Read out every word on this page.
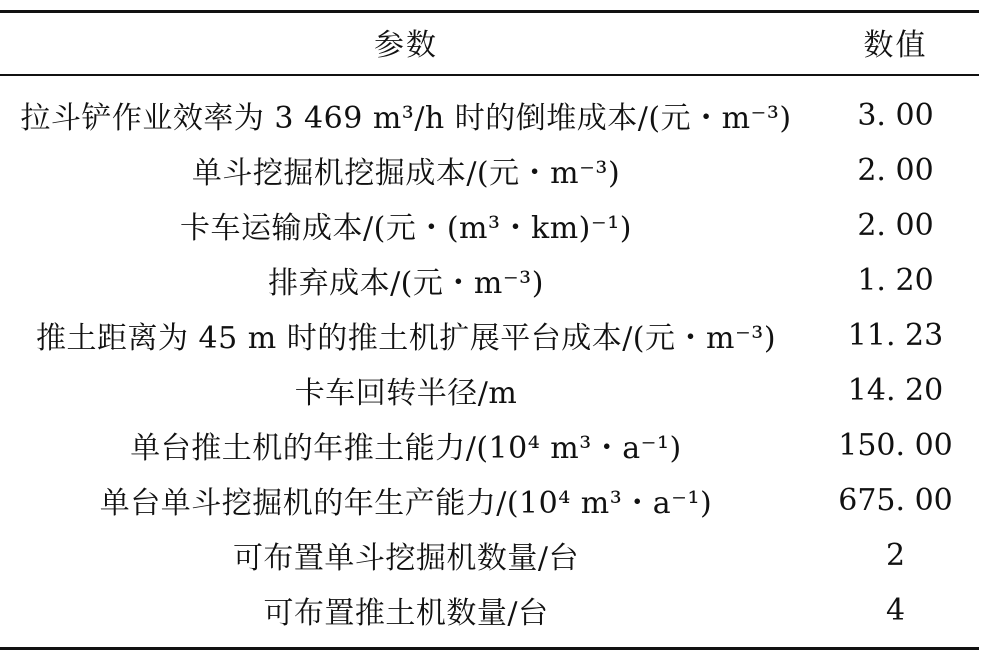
参数	数值
拉斗铲作业效率为 3 469 m³/h 时的倒堆成本/(元・m⁻³)	3. 00
单斗挖掘机挖掘成本/(元・m⁻³)	2. 00
卡车运输成本/(元・(m³・km)⁻¹)	2. 00
排弃成本/(元・m⁻³)	1. 20
推土距离为 45 m 时的推土机扩展平台成本/(元・m⁻³)	11. 23
卡车回转半径/m	14. 20
单台推土机的年推土能力/(10⁴ m³・a⁻¹)	150. 00
单台单斗挖掘机的年生产能力/(10⁴ m³・a⁻¹)	675. 00
可布置单斗挖掘机数量/台	2
可布置推土机数量/台	4
